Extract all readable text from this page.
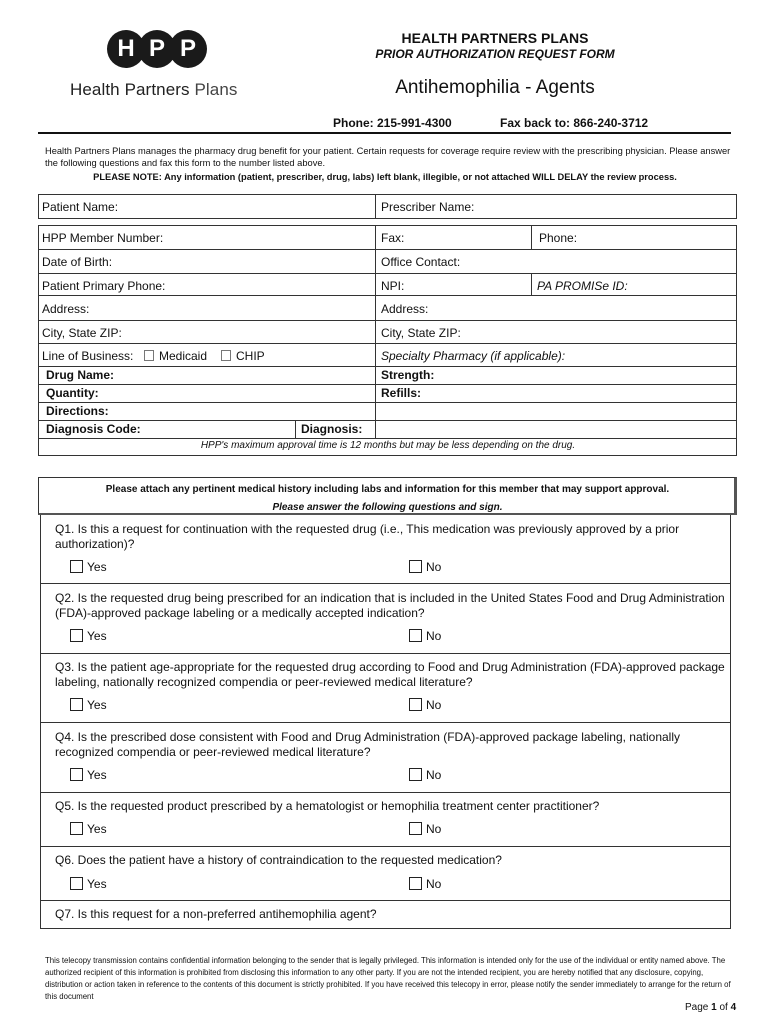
H P P
Health Partners Plans
HEALTH PARTNERS PLANS
PRIOR AUTHORIZATION REQUEST FORM
Antihemophilia - Agents
Phone: 215-991-4300	Fax back to: 866-240-3712
Health Partners Plans manages the pharmacy drug benefit for your patient. Certain requests for coverage require review with the prescribing physician. Please answer the following questions and fax this form to the number listed above.
PLEASE NOTE: Any information (patient, prescriber, drug, labs) left blank, illegible, or not attached WILL DELAY the review process.
Patient Name:	Prescriber Name:
HPP Member Number:	Fax:	Phone:
Date of Birth:	Office Contact:
Patient Primary Phone:	NPI:	PA PROMISe ID:
Address:	Address:
City, State ZIP:	City, State ZIP:
Line of Business:	Medicaid	CHIP	Specialty Pharmacy (if applicable):
Drug Name:	Strength:
Quantity:	Refills:
Directions:
Diagnosis Code:	Diagnosis:
HPP's maximum approval time is 12 months but may be less depending on the drug.
Please attach any pertinent medical history including labs and information for this member that may support approval.
Please answer the following questions and sign.
Q1. Is this a request for continuation with the requested drug (i.e., This medication was previously approved by a prior authorization)?
Yes	No
Q2. Is the requested drug being prescribed for an indication that is included in the United States Food and Drug Administration (FDA)-approved package labeling or a medically accepted indication?
Yes	No
Q3. Is the patient age-appropriate for the requested drug according to Food and Drug Administration (FDA)-approved package labeling, nationally recognized compendia or peer-reviewed medical literature?
Yes	No
Q4. Is the prescribed dose consistent with Food and Drug Administration (FDA)-approved package labeling, nationally recognized compendia or peer-reviewed medical literature?
Yes	No
Q5. Is the requested product prescribed by a hematologist or hemophilia treatment center practitioner?
Yes	No
Q6. Does the patient have a history of contraindication to the requested medication?
Yes	No
Q7. Is this request for a non-preferred antihemophilia agent?
This telecopy transmission contains confidential information belonging to the sender that is legally privileged. This information is intended only for the use of the individual or entity named above. The authorized recipient of this information is prohibited from disclosing this information to any other party. If you are not the intended recipient, you are hereby notified that any disclosure, copying, distribution or action taken in reference to the contents of this document is strictly prohibited. If you have received this telecopy in error, please notify the sender immediately to arrange for the return of this document
Page 1 of 4
